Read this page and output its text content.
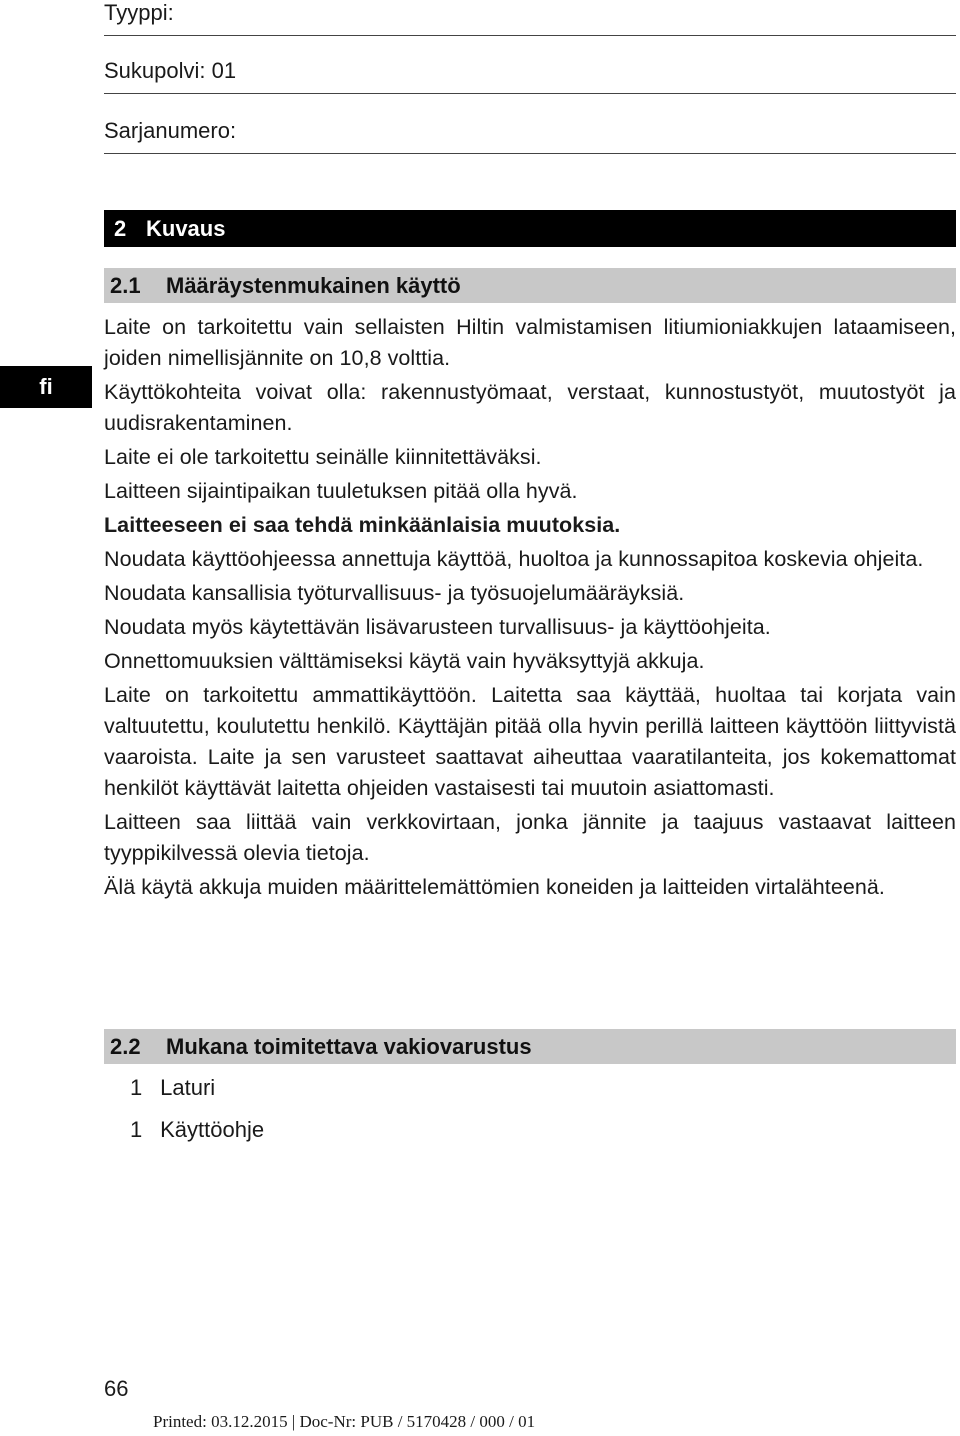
Tyyppi:
Sukupolvi: 01
Sarjanumero:
2 Kuvaus
2.1	Määräystenmukainen käyttö
fi

Laite on tarkoitettu vain sellaisten Hiltin valmistamisen litiumioniakkujen lataamiseen, joiden nimellisjännite on 10,8 volttia.

Käyttökohteita voivat olla: rakennustyömaat, verstaat, kunnostustyöt, muutostyöt ja uudisrakentaminen.

Laite ei ole tarkoitettu seinälle kiinnitettäväksi.

Laitteen sijaintipaikan tuuletuksen pitää olla hyvä.

Laitteeseen ei saa tehdä minkäänlaisia muutoksia.

Noudata käyttöohjeessa annettuja käyttöä, huoltoa ja kunnossapitoa koskevia ohjeita.

Noudata kansallisia työturvallisuus- ja työsuojelumääräyksiä.

Noudata myös käytettävän lisävarusteen turvallisuus- ja käyttöohjeita.

Onnettomuuksien välttämiseksi käytä vain hyväksyttyjä akkuja.

Laite on tarkoitettu ammattikäyttöön. Laitetta saa käyttää, huoltaa tai korjata vain valtuutettu, koulutettu henkilö. Käyttäjän pitää olla hyvin perillä laitteen käyttöön liittyvistä vaaroista. Laite ja sen varusteet saattavat aiheuttaa vaaratilanteita, jos kokemattomat henkilöt käyttävät laitetta ohjeiden vastaisesti tai muutoin asiattomasti.

Laitteen saa liittää vain verkkovirtaan, jonka jännite ja taajuus vastaavat laitteen tyyppikilvessä olevia tietoja.

Älä käytä akkuja muiden määrittelemättömien koneiden ja laitteiden virtalähteenä.

2.2	Mukana toimitettava vakiovarustus
1 Laturi
1 Käyttöohje
66
Printed: 03.12.2015 | Doc-Nr: PUB / 5170428 / 000 / 01
